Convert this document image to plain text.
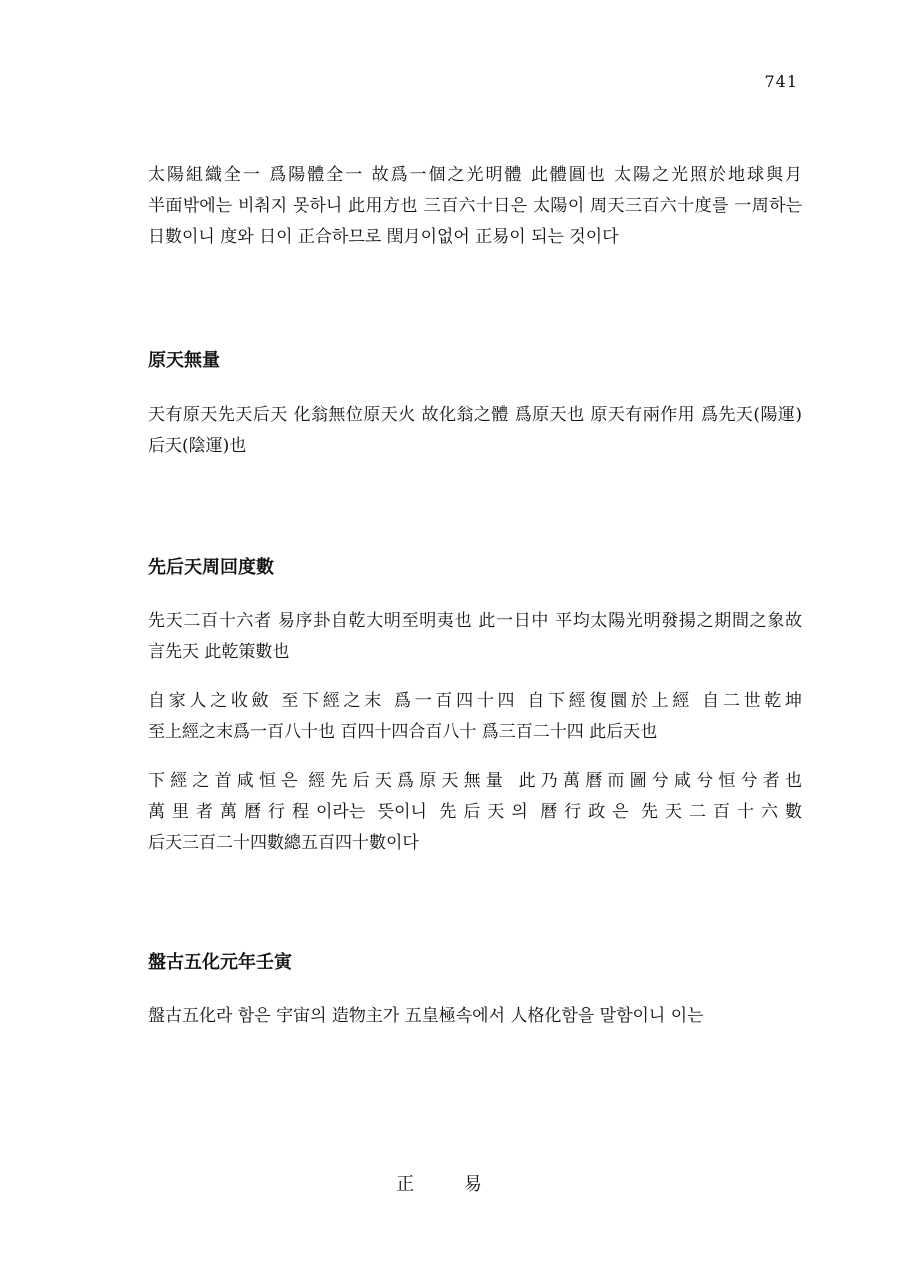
741

太陽組織全一 爲陽體全一 故爲一個之光明體 此體圓也 太陽之光照於地球與月 半面밖에는 비춰지 못하니 此用方也 三百六十日은 太陽이 周天三百六十度를 一周하는 日數이니 度와 日이 正合하므로 閏月이없어 正易이 되는 것이다

原天無量

天有原天先天后天 化翁無位原天火 故化翁之體 爲原天也 原天有兩作用 爲先天(陽運)后天(陰運)也

先后天周回度數

先天二百十六者 易序卦自乾大明至明夷也 此一日中 平均太陽光明發揚之期間之象故 言先天 此乾策數也

自家人之收斂 至下經之末 爲一百四十四 自下經復圜於上經 自二世乾坤 至上經之末爲一百八十也 百四十四合百八十 爲三百二十四 此后天也

下經之首咸恒은 經先后天爲原天無量 此乃萬曆而圖兮咸兮恒兮者也 萬里者萬曆行程이라는 뜻이니 先后天의 曆行政은 先天二百十六數 后天三百二十四數總五百四十數이다

盤古五化元年壬寅

盤古五化라 함은 宇宙의 造物主가 五皇極속에서 人格化함을 말함이니 이는

正 易
